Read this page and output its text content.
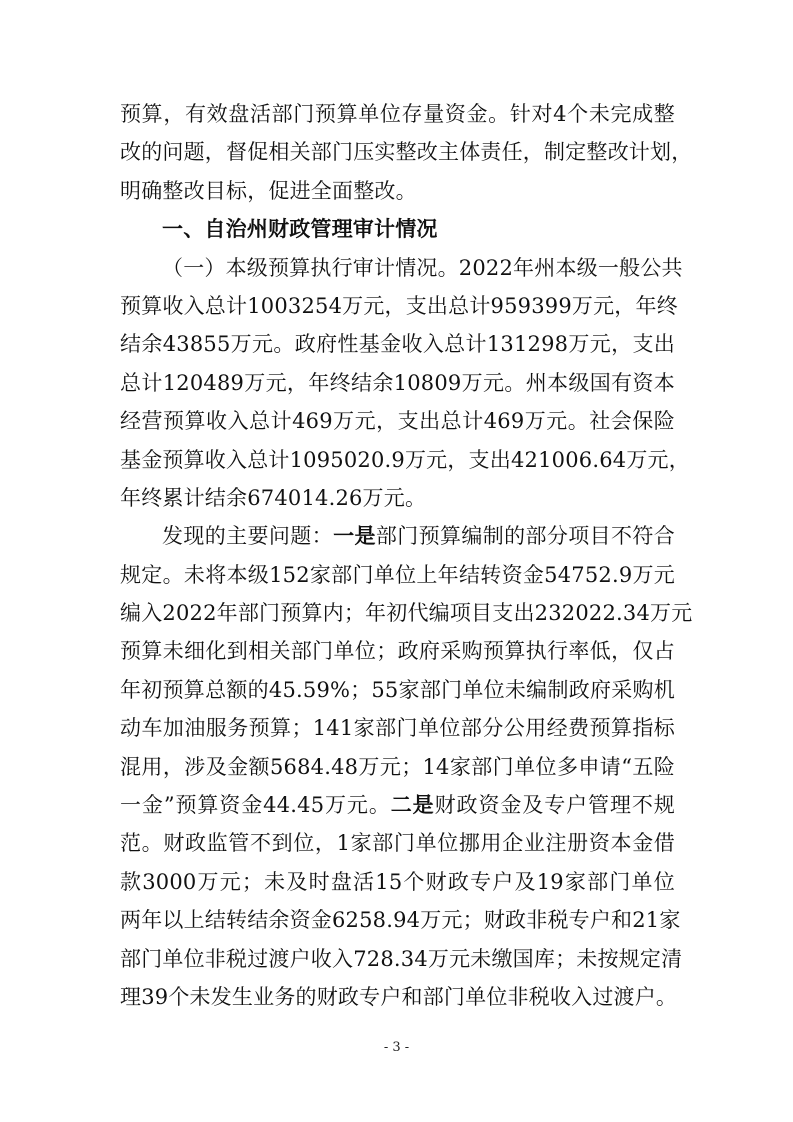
预算，有效盘活部门预算单位存量资金。针对4个未完成整
改的问题，督促相关部门压实整改主体责任，制定整改计划，
明确整改目标，促进全面整改。
一、自治州财政管理审计情况
（一）本级预算执行审计情况。2022年州本级一般公共
预算收入总计1003254万元，支出总计959399万元，年终
结余43855万元。政府性基金收入总计131298万元，支出
总计120489万元，年终结余10809万元。州本级国有资本
经营预算收入总计469万元，支出总计469万元。社会保险
基金预算收入总计1095020.9万元，支出421006.64万元，
年终累计结余674014.26万元。
发现的主要问题：一是部门预算编制的部分项目不符合
规定。未将本级152家部门单位上年结转资金54752.9万元
编入2022年部门预算内；年初代编项目支出232022.34万元
预算未细化到相关部门单位；政府采购预算执行率低，仅占
年初预算总额的45.59%；55家部门单位未编制政府采购机
动车加油服务预算；141家部门单位部分公用经费预算指标
混用，涉及金额5684.48万元；14家部门单位多申请“五险
一金”预算资金44.45万元。二是财政资金及专户管理不规
范。财政监管不到位，1家部门单位挪用企业注册资本金借
款3000万元；未及时盘活15个财政专户及19家部门单位
两年以上结转结余资金6258.94万元；财政非税专户和21家
部门单位非税过渡户收入728.34万元未缴国库；未按规定清
理39个未发生业务的财政专户和部门单位非税收入过渡户。
- 3 -
